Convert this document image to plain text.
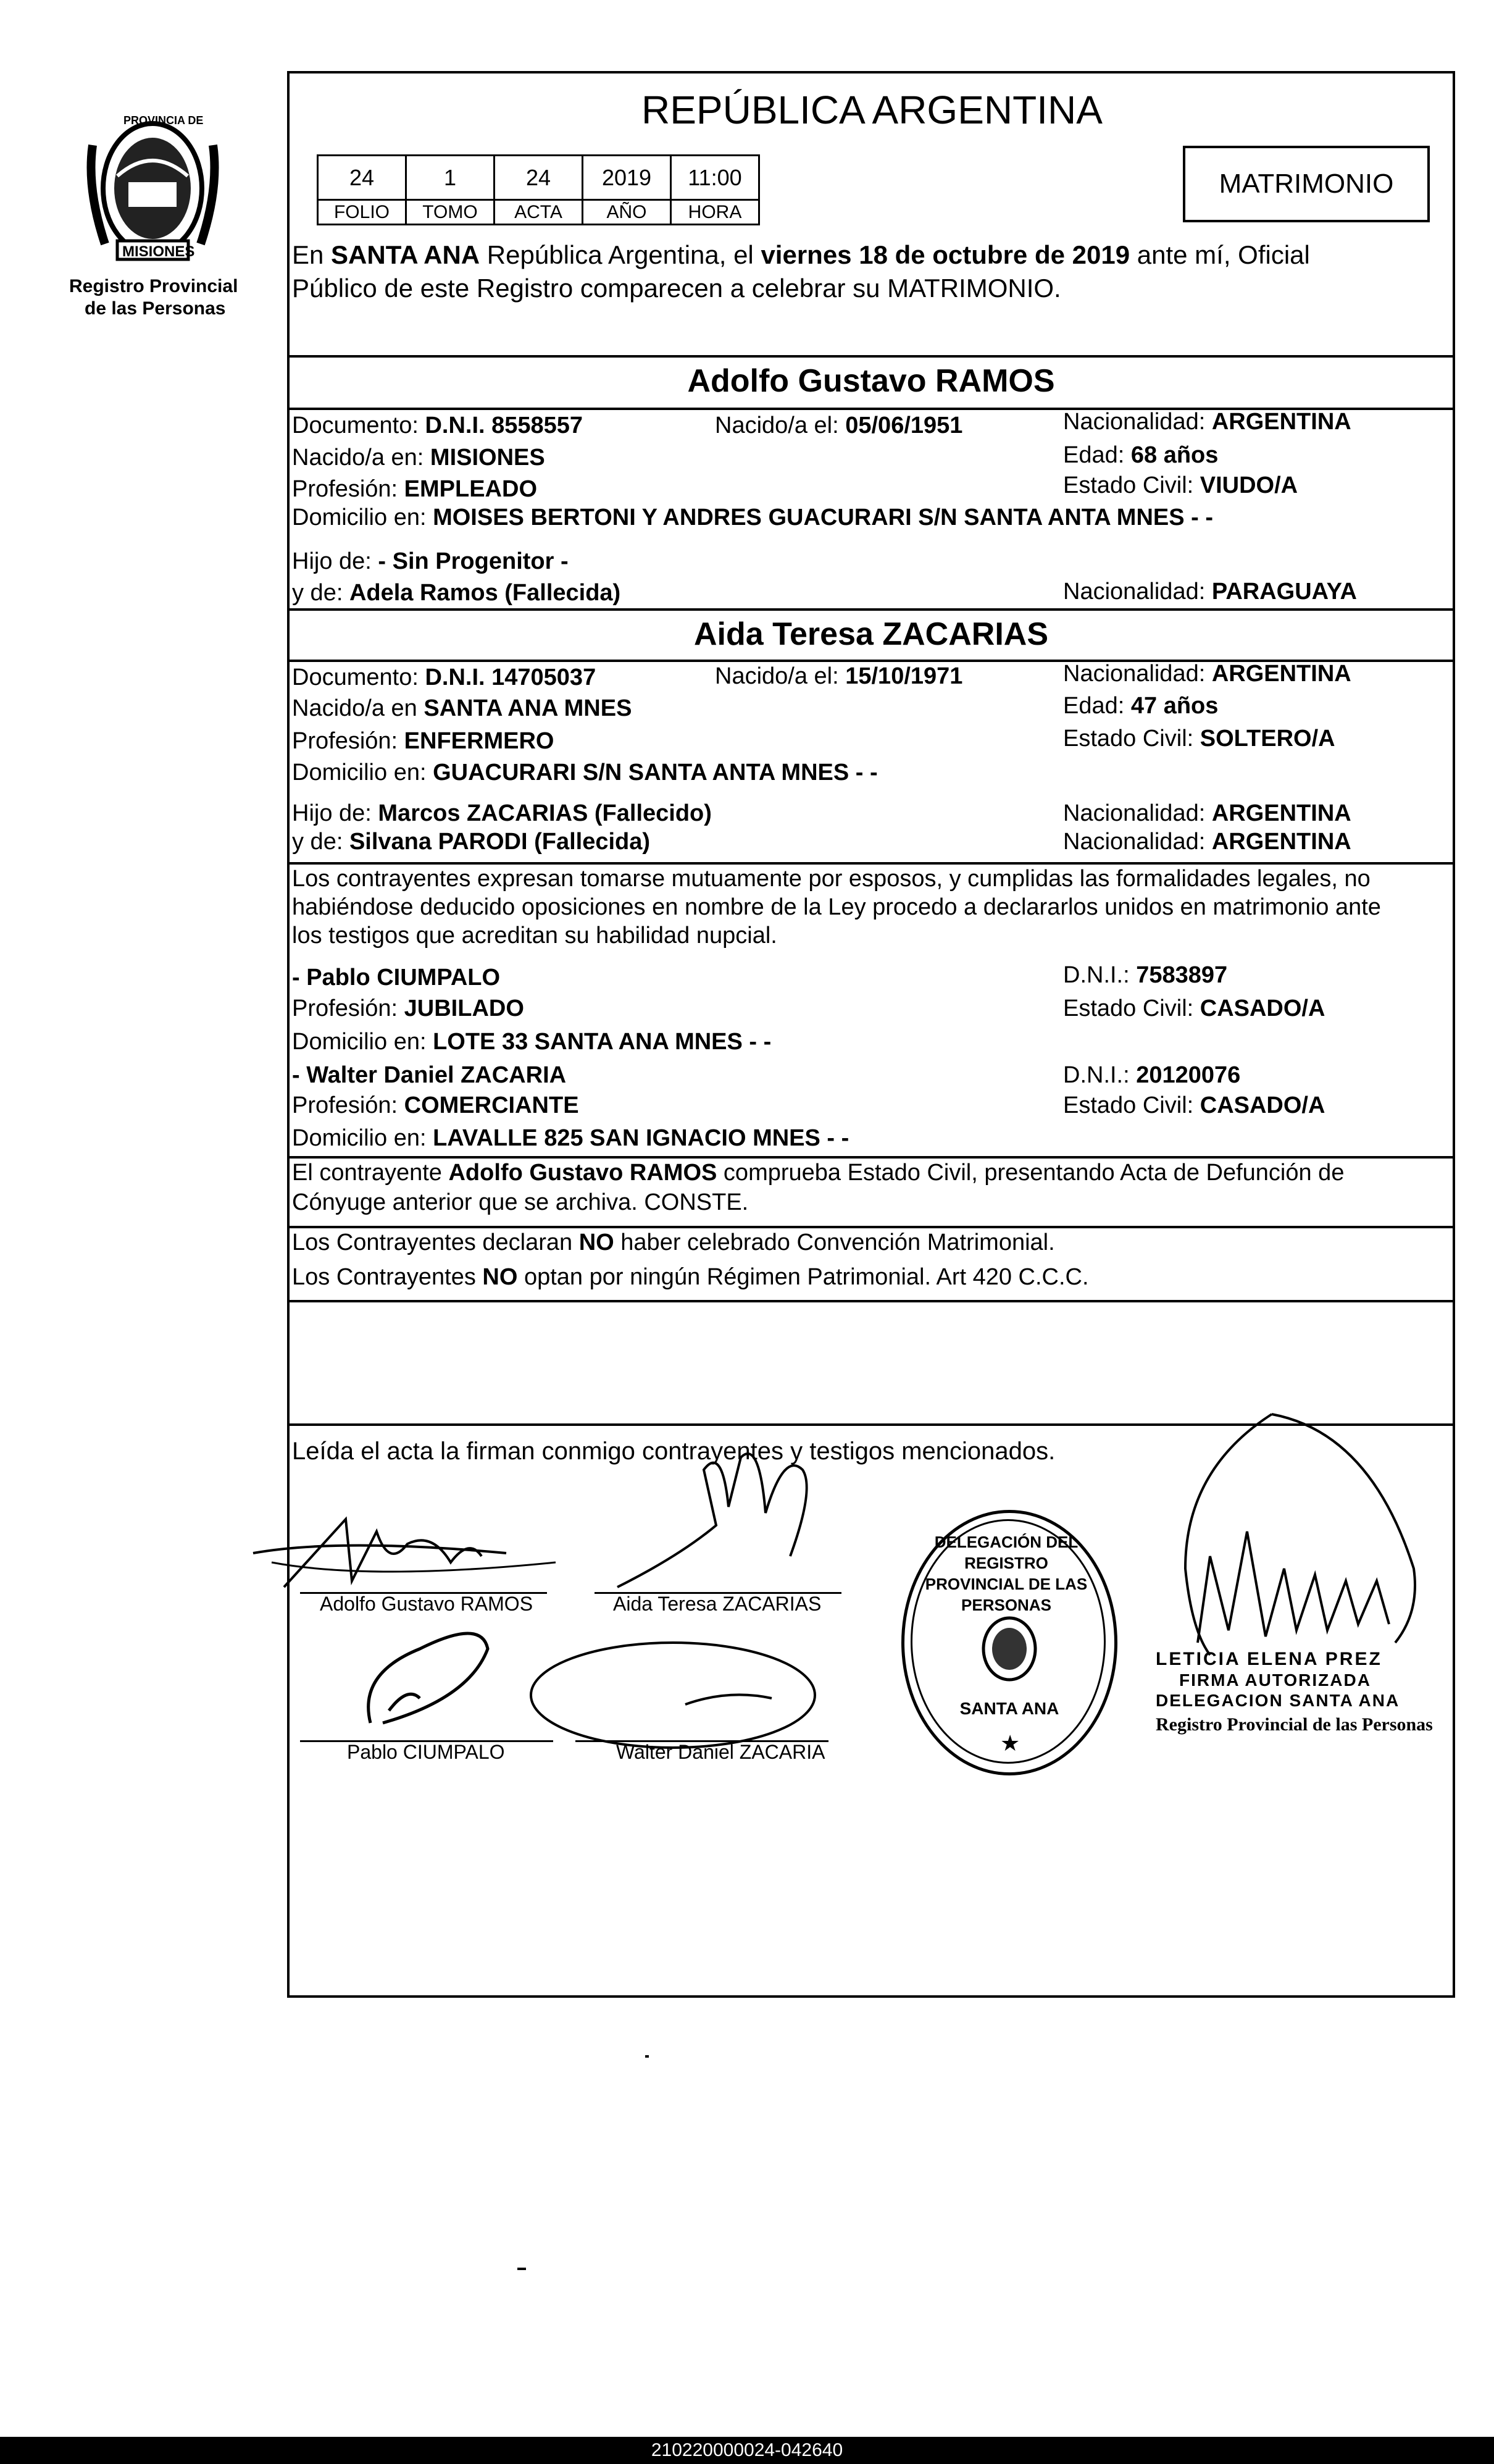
PROVINCIA DE
MISIONES
Registro Provincial
de las Personas
REPÚBLICA ARGENTINA
24	1	24	2019	11:00
FOLIO	TOMO	ACTA	AÑO	HORA
MATRIMONIO
En SANTA ANA República Argentina, el viernes 18 de octubre de 2019 ante mí, Oficial
Público de este Registro comparecen a celebrar su MATRIMONIO.
Adolfo Gustavo RAMOS
Documento: D.N.I. 8558557	Nacido/a el: 05/06/1951	Nacionalidad: ARGENTINA
Nacido/a en: MISIONES	Edad: 68 años
Profesión: EMPLEADO	Estado Civil: VIUDO/A
Domicilio en: MOISES BERTONI Y ANDRES GUACURARI S/N SANTA ANTA MNES - -
Hijo de: - Sin Progenitor -
y de: Adela Ramos (Fallecida)	Nacionalidad: PARAGUAYA
Aida Teresa ZACARIAS
Documento: D.N.I. 14705037	Nacido/a el: 15/10/1971	Nacionalidad: ARGENTINA
Nacido/a en SANTA ANA MNES	Edad: 47 años
Profesión: ENFERMERO	Estado Civil: SOLTERO/A
Domicilio en: GUACURARI S/N SANTA ANTA MNES - -
Hijo de: Marcos ZACARIAS (Fallecido)	Nacionalidad: ARGENTINA
y de: Silvana PARODI (Fallecida)	Nacionalidad: ARGENTINA
Los contrayentes expresan tomarse mutuamente por esposos, y cumplidas las formalidades legales, no
habiéndose deducido oposiciones en nombre de la Ley procedo a declararlos unidos en matrimonio ante
los testigos que acreditan su habilidad nupcial.
- Pablo CIUMPALO	D.N.I.: 7583897
Profesión: JUBILADO	Estado Civil: CASADO/A
Domicilio en: LOTE 33 SANTA ANA MNES - -
- Walter Daniel ZACARIA	D.N.I.: 20120076
Profesión: COMERCIANTE	Estado Civil: CASADO/A
Domicilio en: LAVALLE 825 SAN IGNACIO MNES - -
El contrayente Adolfo Gustavo RAMOS comprueba Estado Civil, presentando Acta de Defunción de
Cónyuge anterior que se archiva. CONSTE.
Los Contrayentes declaran NO haber celebrado Convención Matrimonial.
Los Contrayentes NO optan por ningún Régimen Patrimonial. Art 420 C.C.C.
Leída el acta la firman conmigo contrayentes y testigos mencionados.
Adolfo Gustavo RAMOS	Aida Teresa ZACARIAS
Pablo CIUMPALO	Walter Daniel ZACARIA
DELEGACIÓN DEL REGISTRO PROVINCIAL DE LAS PERSONAS
SANTA ANA
★
LETICIA ELENA PREZ
FIRMA AUTORIZADA
DELEGACION SANTA ANA
Registro Provincial de las Personas
210220000024-042640
